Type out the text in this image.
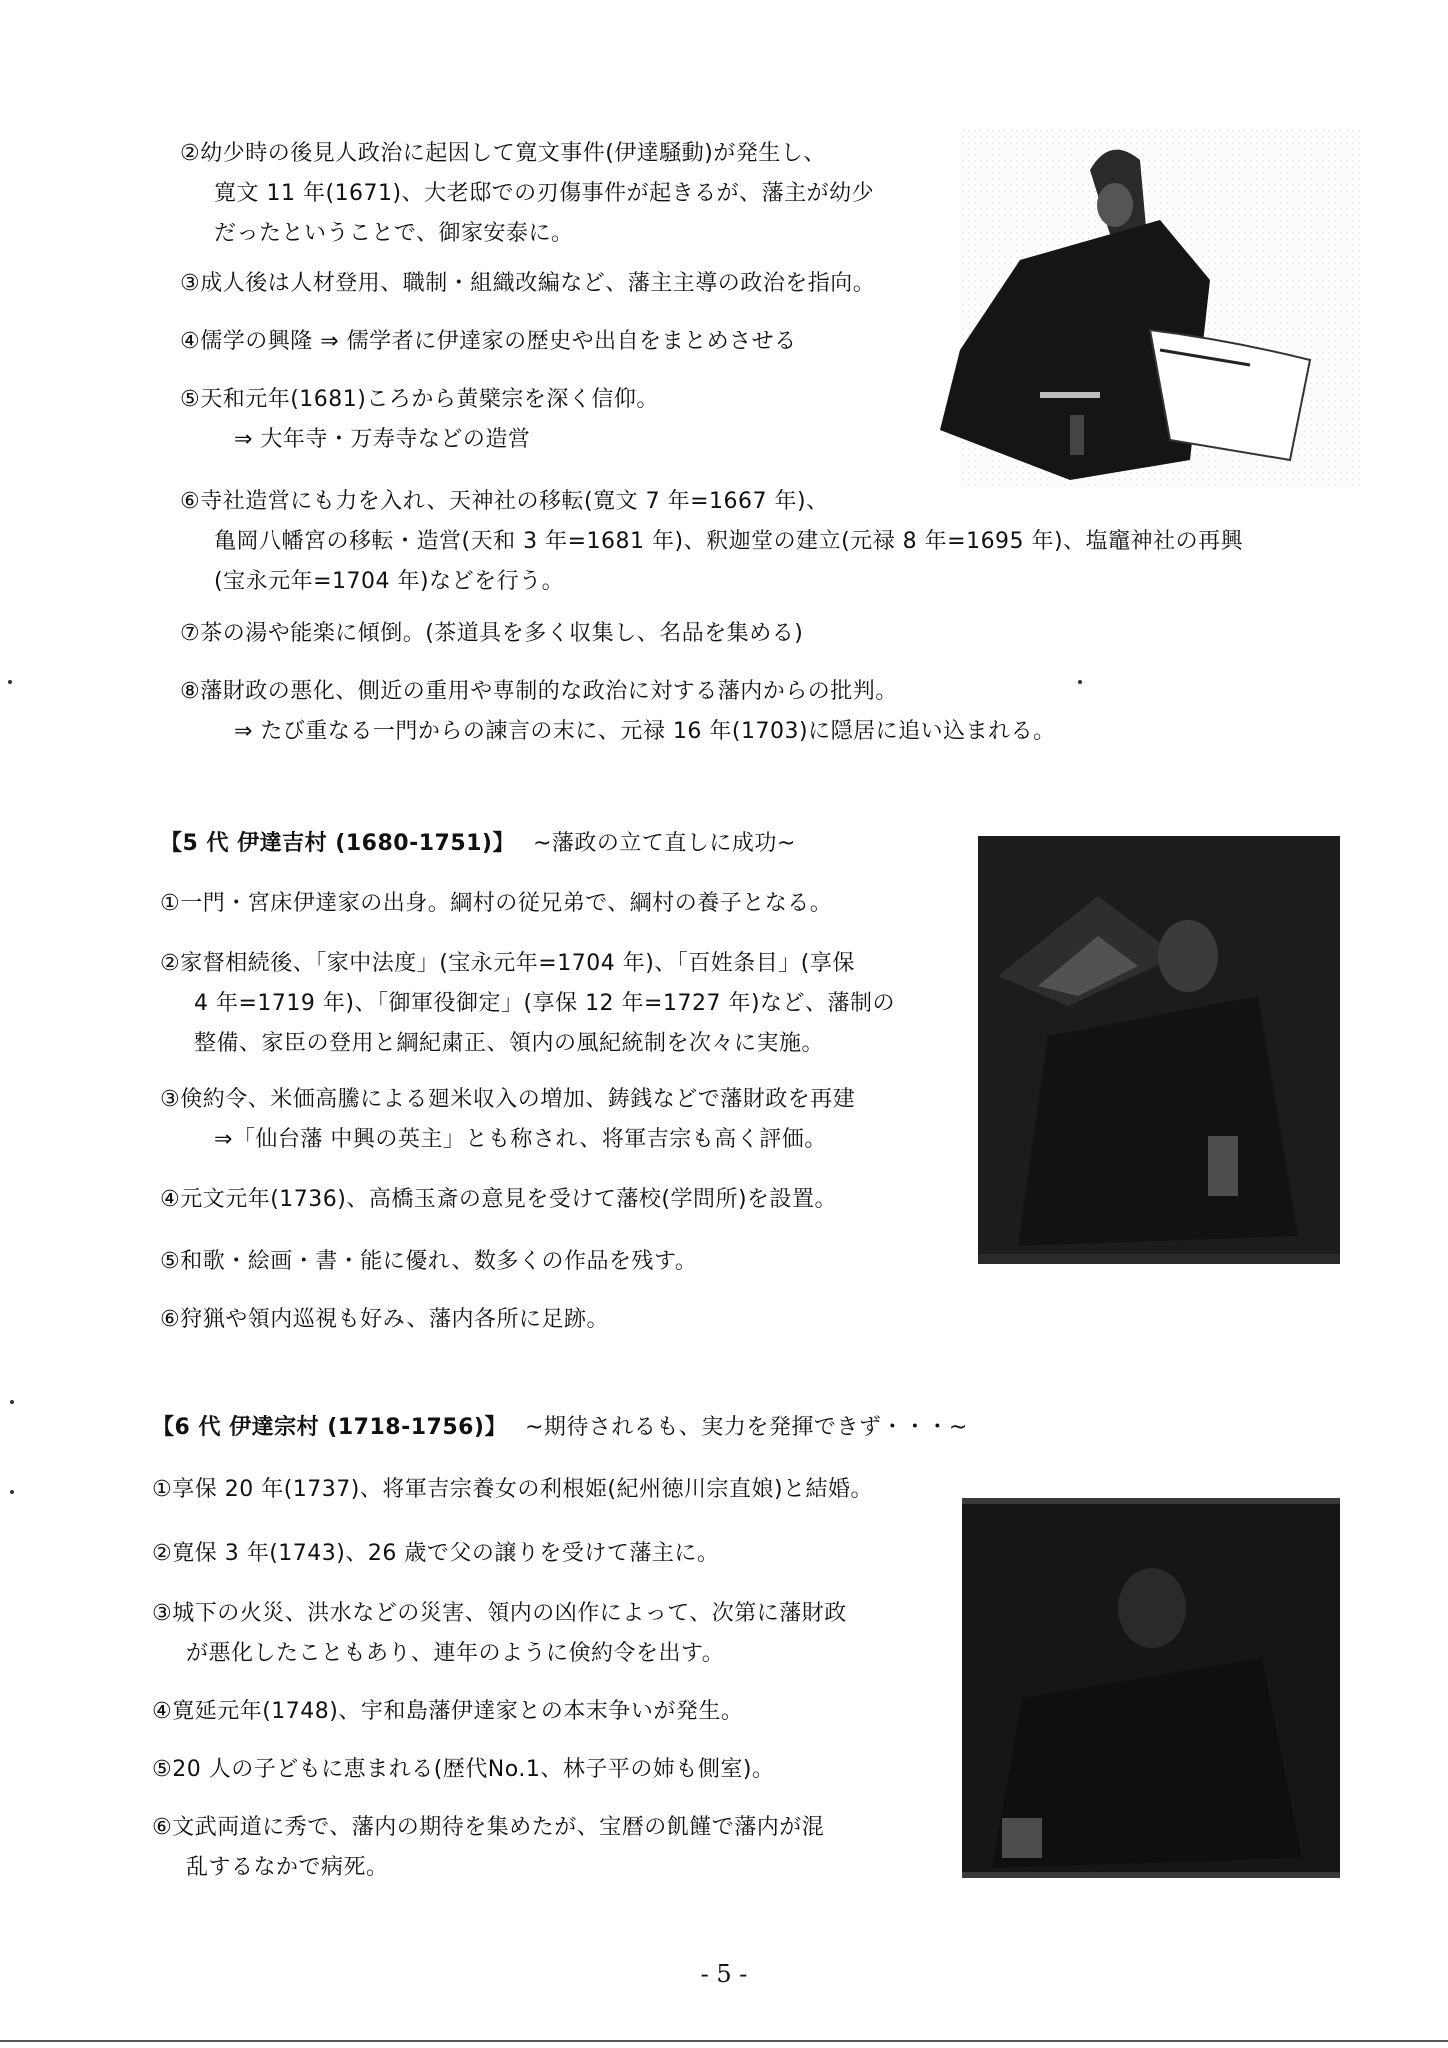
②幼少時の後見人政治に起因して寛文事件(伊達騒動)が発生し、
寛文 11 年(1671)、大老邸での刃傷事件が起きるが、藩主が幼少
だったということで、御家安泰に。
③成人後は人材登用、職制・組織改編など、藩主主導の政治を指向。
④儒学の興隆 ⇒ 儒学者に伊達家の歴史や出自をまとめさせる
⑤天和元年(1681)ころから黄檗宗を深く信仰。
⇒ 大年寺・万寿寺などの造営
⑥寺社造営にも力を入れ、天神社の移転(寛文 7 年=1667 年)、
亀岡八幡宮の移転・造営(天和 3 年=1681 年)、釈迦堂の建立(元禄 8 年=1695 年)、塩竈神社の再興
(宝永元年=1704 年)などを行う。
⑦茶の湯や能楽に傾倒。(茶道具を多く収集し、名品を集める)
⑧藩財政の悪化、側近の重用や専制的な政治に対する藩内からの批判。
⇒ たび重なる一門からの諫言の末に、元禄 16 年(1703)に隠居に追い込まれる。
【5 代 伊達吉村 (1680-1751)】 ~藩政の立て直しに成功~
①一門・宮床伊達家の出身。綱村の従兄弟で、綱村の養子となる。
②家督相続後、「家中法度」(宝永元年=1704 年)、「百姓条目」(享保
4 年=1719 年)、「御軍役御定」(享保 12 年=1727 年)など、藩制の
整備、家臣の登用と綱紀粛正、領内の風紀統制を次々に実施。
③倹約令、米価高騰による廻米収入の増加、鋳銭などで藩財政を再建
⇒「仙台藩 中興の英主」とも称され、将軍吉宗も高く評価。
④元文元年(1736)、高橋玉斎の意見を受けて藩校(学問所)を設置。
⑤和歌・絵画・書・能に優れ、数多くの作品を残す。
⑥狩猟や領内巡視も好み、藩内各所に足跡。
【6 代 伊達宗村 (1718-1756)】 ~期待されるも、実力を発揮できず・・・~
①享保 20 年(1737)、将軍吉宗養女の利根姫(紀州徳川宗直娘)と結婚。
②寛保 3 年(1743)、26 歳で父の譲りを受けて藩主に。
③城下の火災、洪水などの災害、領内の凶作によって、次第に藩財政
が悪化したこともあり、連年のように倹約令を出す。
④寛延元年(1748)、宇和島藩伊達家との本末争いが発生。
⑤20 人の子どもに恵まれる(歴代No.1、林子平の姉も側室)。
⑥文武両道に秀で、藩内の期待を集めたが、宝暦の飢饉で藩内が混
乱するなかで病死。
- 5 -
